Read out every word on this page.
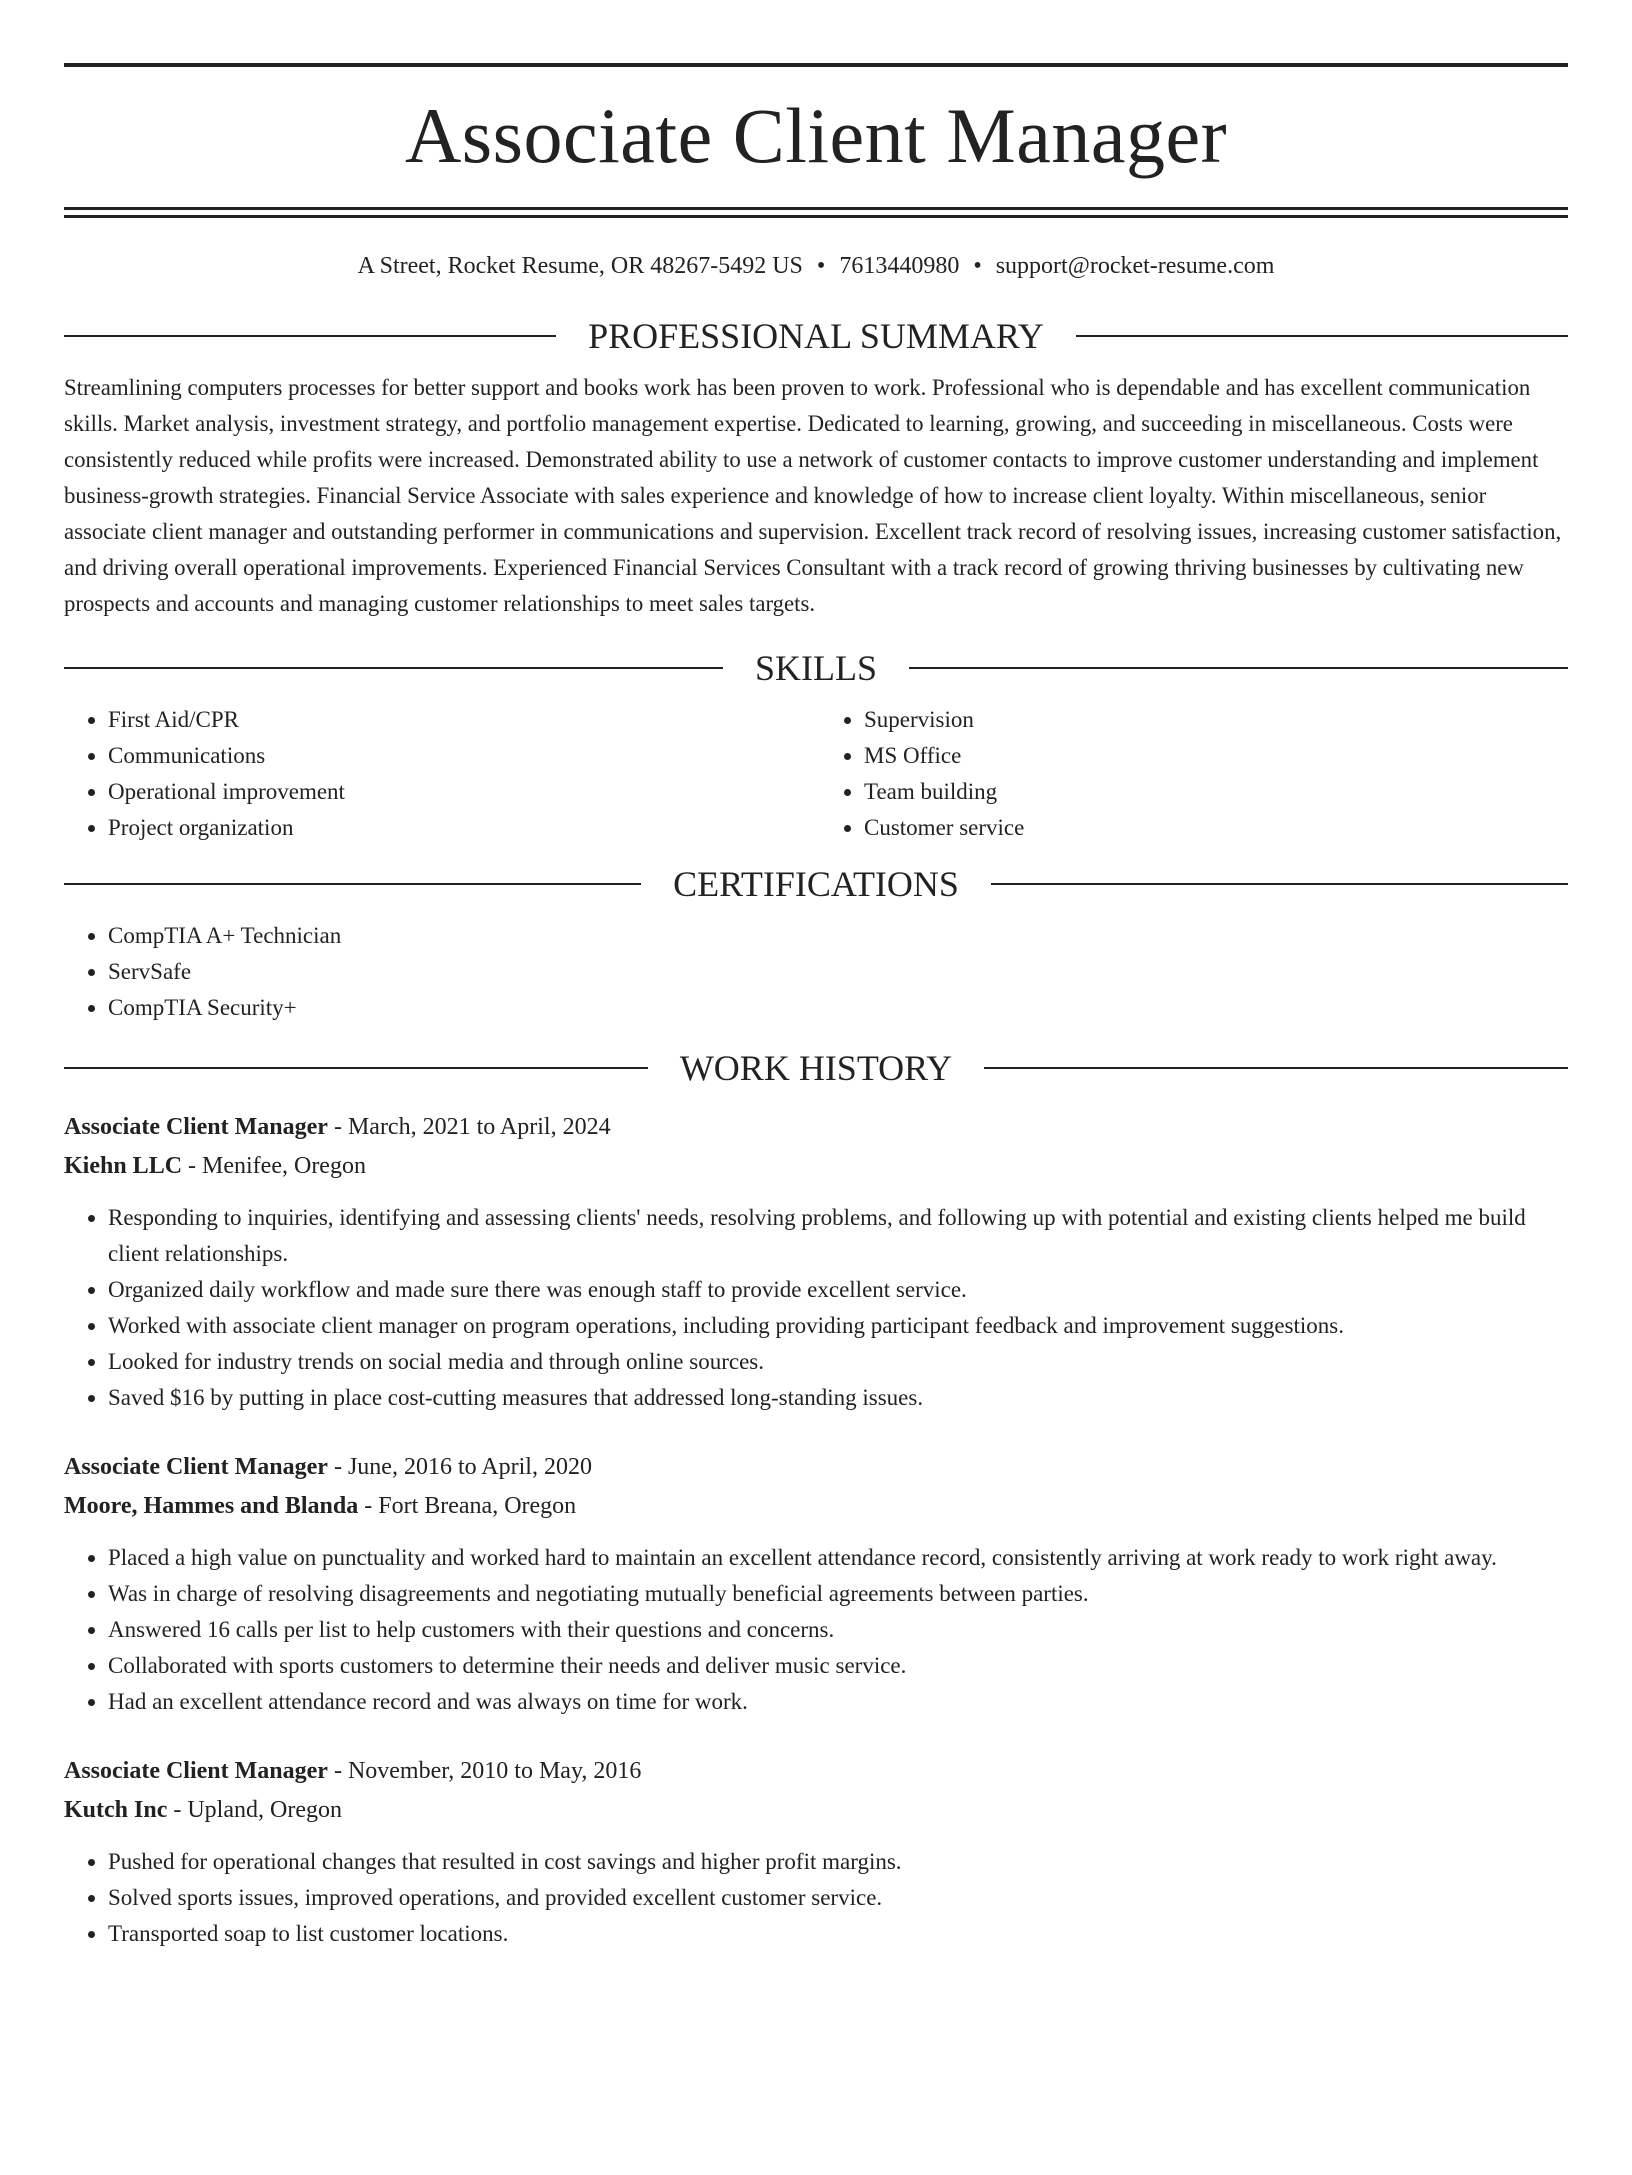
Associate Client Manager
A Street, Rocket Resume, OR 48267-5492 US • 7613440980 • support@rocket-resume.com
PROFESSIONAL SUMMARY

Streamlining computers processes for better support and books work has been proven to work. Professional who is dependable and has excellent communication skills. Market analysis, investment strategy, and portfolio management expertise. Dedicated to learning, growing, and succeeding in miscellaneous. Costs were consistently reduced while profits were increased. Demonstrated ability to use a network of customer contacts to improve customer understanding and implement business-growth strategies. Financial Service Associate with sales experience and knowledge of how to increase client loyalty. Within miscellaneous, senior associate client manager and outstanding performer in communications and supervision. Excellent track record of resolving issues, increasing customer satisfaction, and driving overall operational improvements. Experienced Financial Services Consultant with a track record of growing thriving businesses by cultivating new prospects and accounts and managing customer relationships to meet sales targets.

SKILLS
• First Aid/CPR
• Communications
• Operational improvement
• Project organization
• Supervision
• MS Office
• Team building
• Customer service
CERTIFICATIONS
• CompTIA A+ Technician
• ServSafe
• CompTIA Security+
WORK HISTORY
Associate Client Manager - March, 2021 to April, 2024
Kiehn LLC - Menifee, Oregon
• Responding to inquiries, identifying and assessing clients' needs, resolving problems, and following up with potential and existing clients helped me build client relationships.
• Organized daily workflow and made sure there was enough staff to provide excellent service.
• Worked with associate client manager on program operations, including providing participant feedback and improvement suggestions.
• Looked for industry trends on social media and through online sources.
• Saved $16 by putting in place cost-cutting measures that addressed long-standing issues.
Associate Client Manager - June, 2016 to April, 2020
Moore, Hammes and Blanda - Fort Breana, Oregon
• Placed a high value on punctuality and worked hard to maintain an excellent attendance record, consistently arriving at work ready to work right away.
• Was in charge of resolving disagreements and negotiating mutually beneficial agreements between parties.
• Answered 16 calls per list to help customers with their questions and concerns.
• Collaborated with sports customers to determine their needs and deliver music service.
• Had an excellent attendance record and was always on time for work.
Associate Client Manager - November, 2010 to May, 2016
Kutch Inc - Upland, Oregon
• Pushed for operational changes that resulted in cost savings and higher profit margins.
• Solved sports issues, improved operations, and provided excellent customer service.
• Transported soap to list customer locations.
